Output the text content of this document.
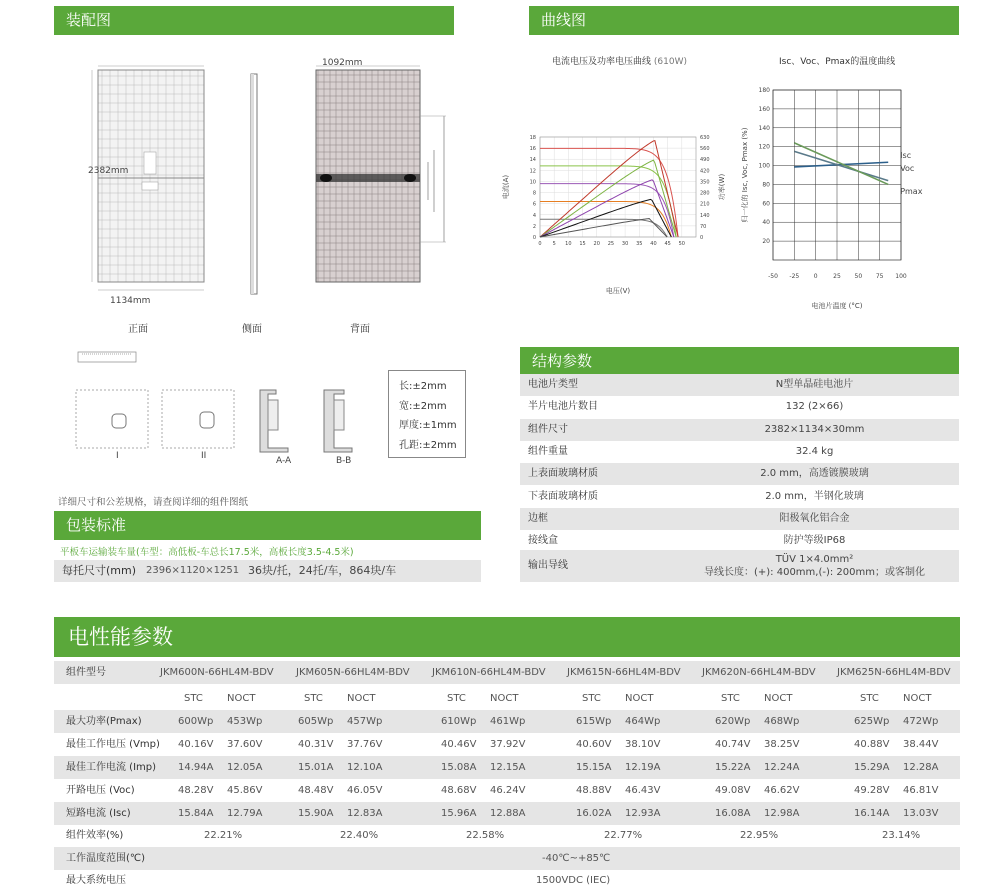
装配图	曲线图
2382mm
1134mm
1092mm
正面	侧面	背面
I	II	A-A	B-B
长:±2mm
宽:±2mm
厚度:±1mm
孔距:±2mm
详细尺寸和公差规格，请查阅详细的组件图纸
包装标准
平板车运输装车量(车型：高低板-车总长17.5米，高板长度3.5-4.5米)
每托尺寸(mm) 2396×1120×1251 36块/托，24托/车，864块/车
电流电压及功率电压曲线 (610W)	Isc、Voc、Pmax的温度曲线
0
2
4
6
8
10
12
14
16
18
0 5 10 15 20 25 30 35 40 45 50
0
70
140
210
280
350
420
490
560
630
电压(V)
电流(A)	功率(W)
20
40
60
80
100
120
140
160
180
-50 -25 0	25 50 75 100
Isc
Voc
Pmax
电池片温度 (°C)
归一化的 Isc, Voc, Pmax (%)
结构参数
电池片类型	N型单晶硅电池片
半片电池片数目	132 (2×66)
组件尺寸	2382×1134×30mm
组件重量	32.4 kg
上表面玻璃材质	2.0 mm，高透镀膜玻璃
下表面玻璃材质	2.0 mm，半钢化玻璃
边框	阳极氧化铝合金
接线盒	防护等级IP68
输出导线
TÜV 1×4.0mm²
导线长度：(+): 400mm,(-): 200mm；或客制化
电性能参数
组件型号	JKM600N-66HL4M-BDV JKM605N-66HL4M-BDV JKM610N-66HL4M-BDV JKM615N-66HL4M-BDV JKM620N-66HL4M-BDV JKM625N-66HL4M-BDV
STC NOCT	STC NOCT	STC NOCT	STC NOCT	STC NOCT	STC NOCT
最大功率(Pmax)	600Wp 453Wp	605Wp 457Wp	610Wp 461Wp	615Wp 464Wp	620Wp 468Wp	625Wp 472Wp
最佳工作电压 (Vmp) 40.16V 37.60V	40.31V 37.76V	40.46V 37.92V	40.60V 38.10V	40.74V 38.25V	40.88V 38.44V
最佳工作电流 (Imp) 14.94A 12.05A	15.01A 12.10A	15.08A 12.15A	15.15A 12.19A	15.22A 12.24A	15.29A 12.28A
开路电压 (Voc)	48.28V 45.86V	48.48V 46.05V	48.68V 46.24V	48.88V 46.43V	49.08V 46.62V	49.28V 46.81V
短路电流 (Isc)	15.84A 12.79A	15.90A 12.83A	15.96A 12.88A	16.02A 12.93A	16.08A 12.98A	16.14A 13.03V
组件效率(%)	22.21%	22.40%	22.58%	22.77%	22.95%	23.14%
工作温度范围(℃)	-40℃~+85℃
最大系统电压	1500VDC (IEC)
